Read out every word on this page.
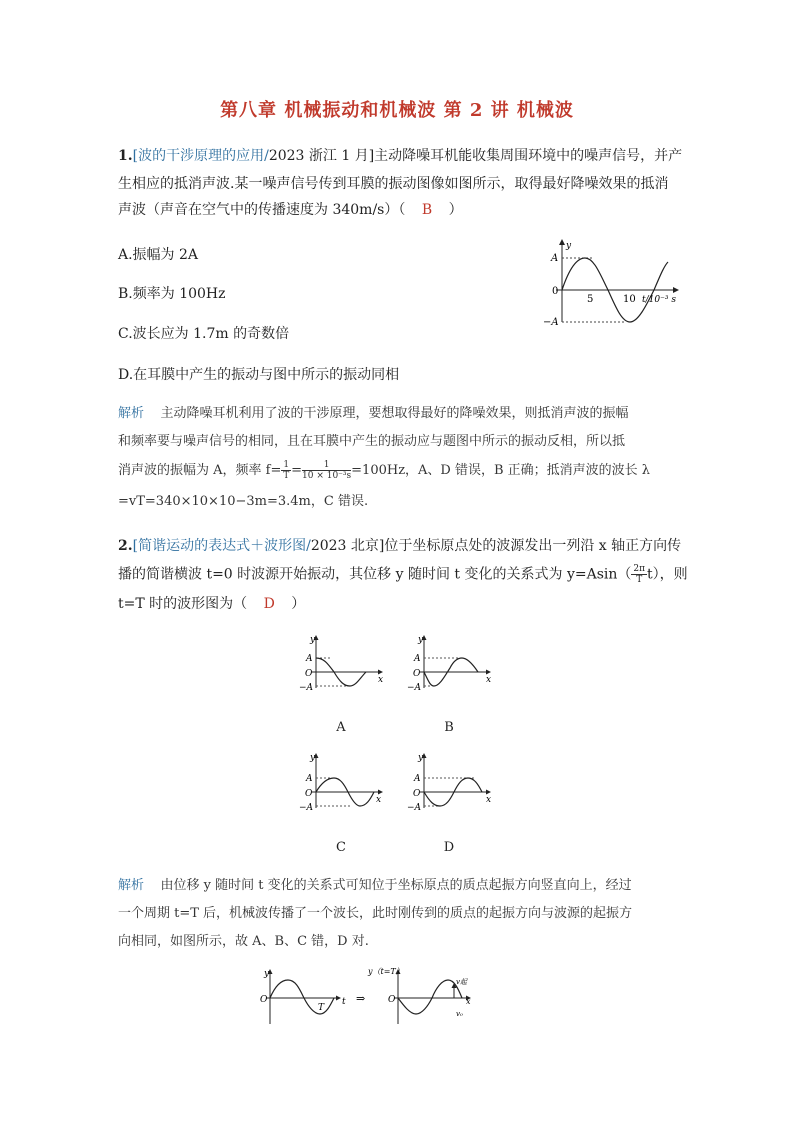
第八章 机械振动和机械波 第 2 讲 机械波
1.[波的干涉原理的应用/2023 浙江 1 月]主动降噪耳机能收集周围环境中的噪声信号，并产
生相应的抵消声波.某一噪声信号传到耳膜的振动图像如图所示，取得最好降噪效果的抵消
声波（声音在空气中的传播速度为 340m/s）（ B ）
A.振幅为 2A
B.频率为 100Hz
C.波长应为 1.7m 的奇数倍
D.在耳膜中产生的振动与图中所示的振动同相
y
A
0
−A
5	10 t/10⁻³ s
解析 主动降噪耳机利用了波的干涉原理，要想取得最好的降噪效果，则抵消声波的振幅
和频率要与噪声信号的相同，且在耳膜中产生的振动应与题图中所示的振动反相，所以抵
消声波的振幅为 A，频率 $f= \frac{1}{T}= \frac{1}{\text{10 × 10⁻³s}}=100Hz$，A、D 错误，B 正确；抵消声波的波长 λ
=vT=340×10×10−3m=3.4m，C 错误.
2.[简谐运动的表达式＋波形图/2023 北京]位于坐标原点处的波源发出一列沿 x 轴正方向传
播的简谐横波 t=0 时波源开始振动，其位移 y 随时间 t 变化的关系式为 $y=Asin( \frac{2\pi}{T}t)$，则
t=T 时的波形图为（ D ）
y
A
O
−A
x
y
A
O
−A
x
y
A
O
−A
x
y
A
O
−A
x
A	B
C	D
解析 由位移 y 随时间 t 变化的关系式可知位于坐标原点的质点起振方向竖直向上，经过
一个周期 t=T 后，机械波传播了一个波长，此时刚传到的质点的起振方向与波源的起振方
向相同，如图所示，故 A、B、C 错，D 对.
y
O	t
T
⇒
y（t=T）
O	x
v起
v₀
